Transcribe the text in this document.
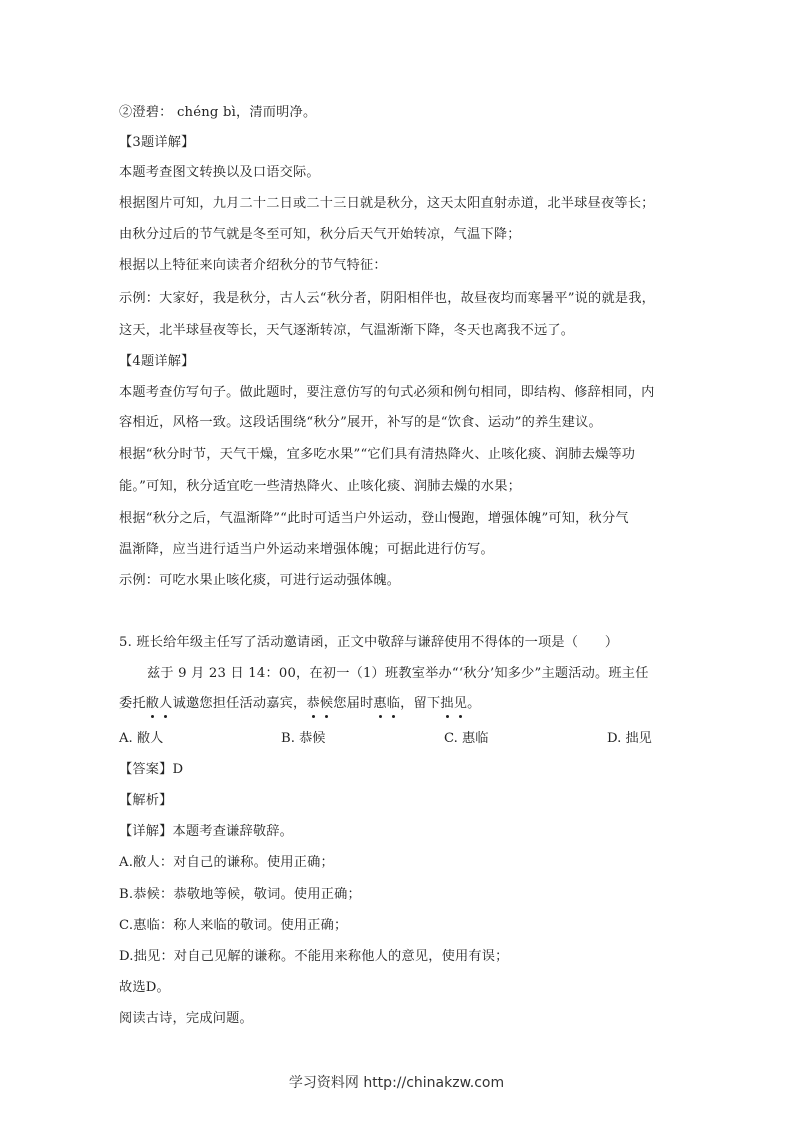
②澄碧： chéng bì，清而明净。
【3题详解】
本题考查图文转换以及口语交际。
根据图片可知，九月二十二日或二十三日就是秋分，这天太阳直射赤道，北半球昼夜等长；
由秋分过后的节气就是冬至可知，秋分后天气开始转凉，气温下降；
根据以上特征来向读者介绍秋分的节气特征：
示例：大家好，我是秋分，古人云“秋分者，阴阳相伴也，故昼夜均而寒暑平”说的就是我，
这天，北半球昼夜等长，天气逐渐转凉，气温渐渐下降，冬天也离我不远了。
【4题详解】
本题考查仿写句子。做此题时，要注意仿写的句式必须和例句相同，即结构、修辞相同，内
容相近，风格一致。这段话围绕“秋分”展开，补写的是“饮食、运动”的养生建议。
根据“秋分时节，天气干燥，宜多吃水果”“它们具有清热降火、止咳化痰、润肺去燥等功
能。”可知，秋分适宜吃一些清热降火、止咳化痰、润肺去燥的水果；
根据“秋分之后，气温渐降”“此时可适当户外运动，登山慢跑，增强体魄”可知，秋分气
温渐降，应当进行适当户外运动来增强体魄；可据此进行仿写。
示例：可吃水果止咳化痰，可进行运动强体魄。
5. 班长给年级主任写了活动邀请函，正文中敬辞与谦辞使用不得体的一项是（　　）
兹于 9 月 23 日 14：00，在初一（1）班教室举办“‘秋分’知多少”主题活动。班主任
委托敝人诚邀您担任活动嘉宾，恭候您届时惠临，留下拙见。
A. 敝人	B. 恭候	C. 惠临	D. 拙见
【答案】D
【解析】
【详解】本题考查谦辞敬辞。
A.敝人：对自己的谦称。使用正确；
B.恭候：恭敬地等候，敬词。使用正确；
C.惠临：称人来临的敬词。使用正确；
D.拙见：对自己见解的谦称。不能用来称他人的意见，使用有误；
故选D。
阅读古诗，完成问题。
学习资料网 http://chinakzw.com
